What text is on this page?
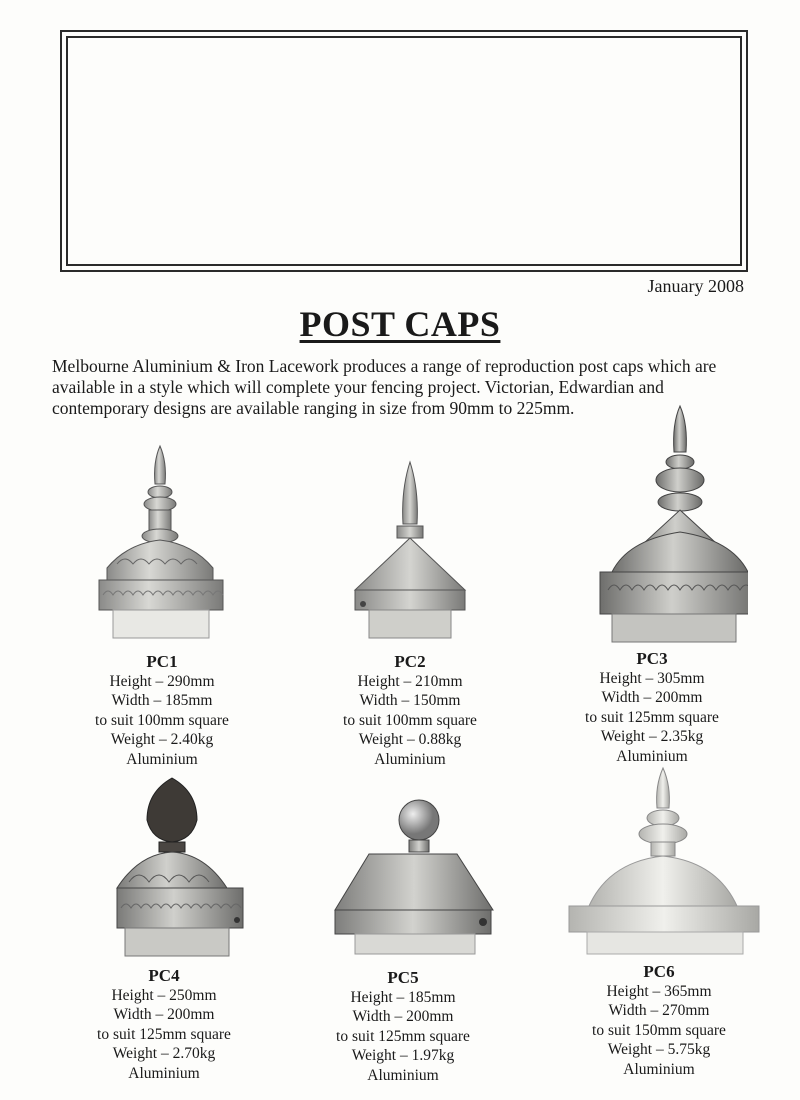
January 2008
POST CAPS

Melbourne Aluminium & Iron Lacework produces a range of reproduction post caps which are available in a style which will complete your fencing project. Victorian, Edwardian and contemporary designs are available ranging in size from 90mm to 225mm.

PC1
Height – 290mm
Width – 185mm
to suit 100mm square
Weight – 2.40kg
Aluminium
PC2
Height – 210mm
Width – 150mm
to suit 100mm square
Weight – 0.88kg
Aluminium
PC3
Height – 305mm
Width – 200mm
to suit 125mm square
Weight – 2.35kg
Aluminium
PC4
Height – 250mm
Width – 200mm
to suit 125mm square
Weight – 2.70kg
Aluminium
PC5
Height – 185mm
Width – 200mm
to suit 125mm square
Weight – 1.97kg
Aluminium
PC6
Height – 365mm
Width – 270mm
to suit 150mm square
Weight – 5.75kg
Aluminium
